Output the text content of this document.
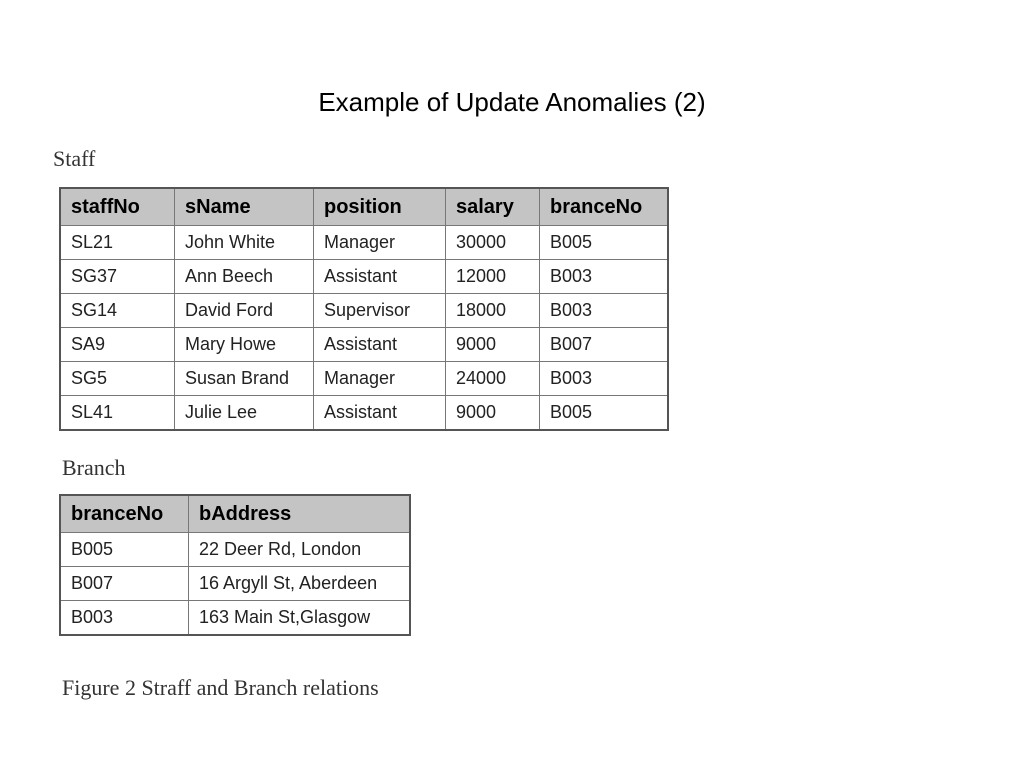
Example of Update Anomalies (2)
Staff
staffNo	sName	position	salary	branceNo
SL21	John White	Manager	30000	B005
SG37	Ann Beech	Assistant	12000	B003
SG14	David Ford	Supervisor	18000	B003
SA9	Mary Howe	Assistant	9000	B007
SG5	Susan Brand	Manager	24000	B003
SL41	Julie Lee	Assistant	9000	B005
Branch
branceNo	bAddress
B005	22 Deer Rd, London
B007	16 Argyll St, Aberdeen
B003	163 Main St,Glasgow
Figure 2 Straff and Branch relations
